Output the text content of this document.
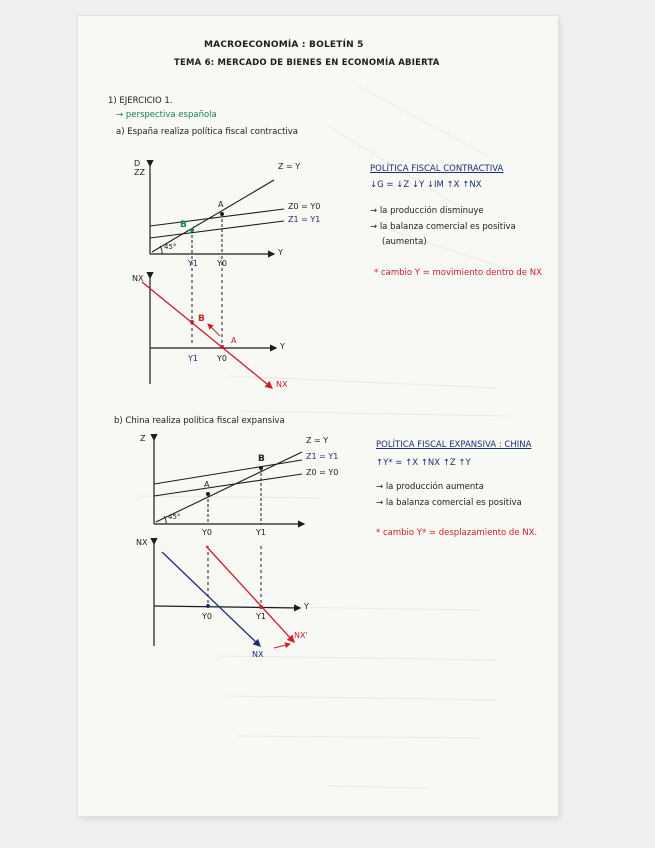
MACROECONOMÍA : BOLETÍN 5
TEMA 6: MERCADO DE BIENES EN ECONOMÍA ABIERTA
1) EJERCICIO 1.
→ perspectiva española
a) España realiza política fiscal contractiva
D
ZZ
Z = Y
Z0 = Y0
Z1 = Y1
A
B
45°
Y1 Y0
Y
NX
B
A
Y1 Y0
Y
NX
POLÍTICA FISCAL CONTRACTIVA
↓G = ↓Z ↓Y ↓IM ↑X ↑NX
→ la producción disminuye
→ la balanza comercial es positiva
(aumenta)
* cambio Y = movimiento dentro de NX
b) China realiza política fiscal expansiva
Z	Z = Y
Z1 = Y1
Z0 = Y0
A
B
45°
Y0	Y1
NX
Y0	Y1
Y
NX
NX'
POLÍTICA FISCAL EXPANSIVA : CHINA
↑Y* = ↑X ↑NX ↑Z ↑Y
→ la producción aumenta
→ la balanza comercial es positiva
* cambio Y* = desplazamiento de NX.
